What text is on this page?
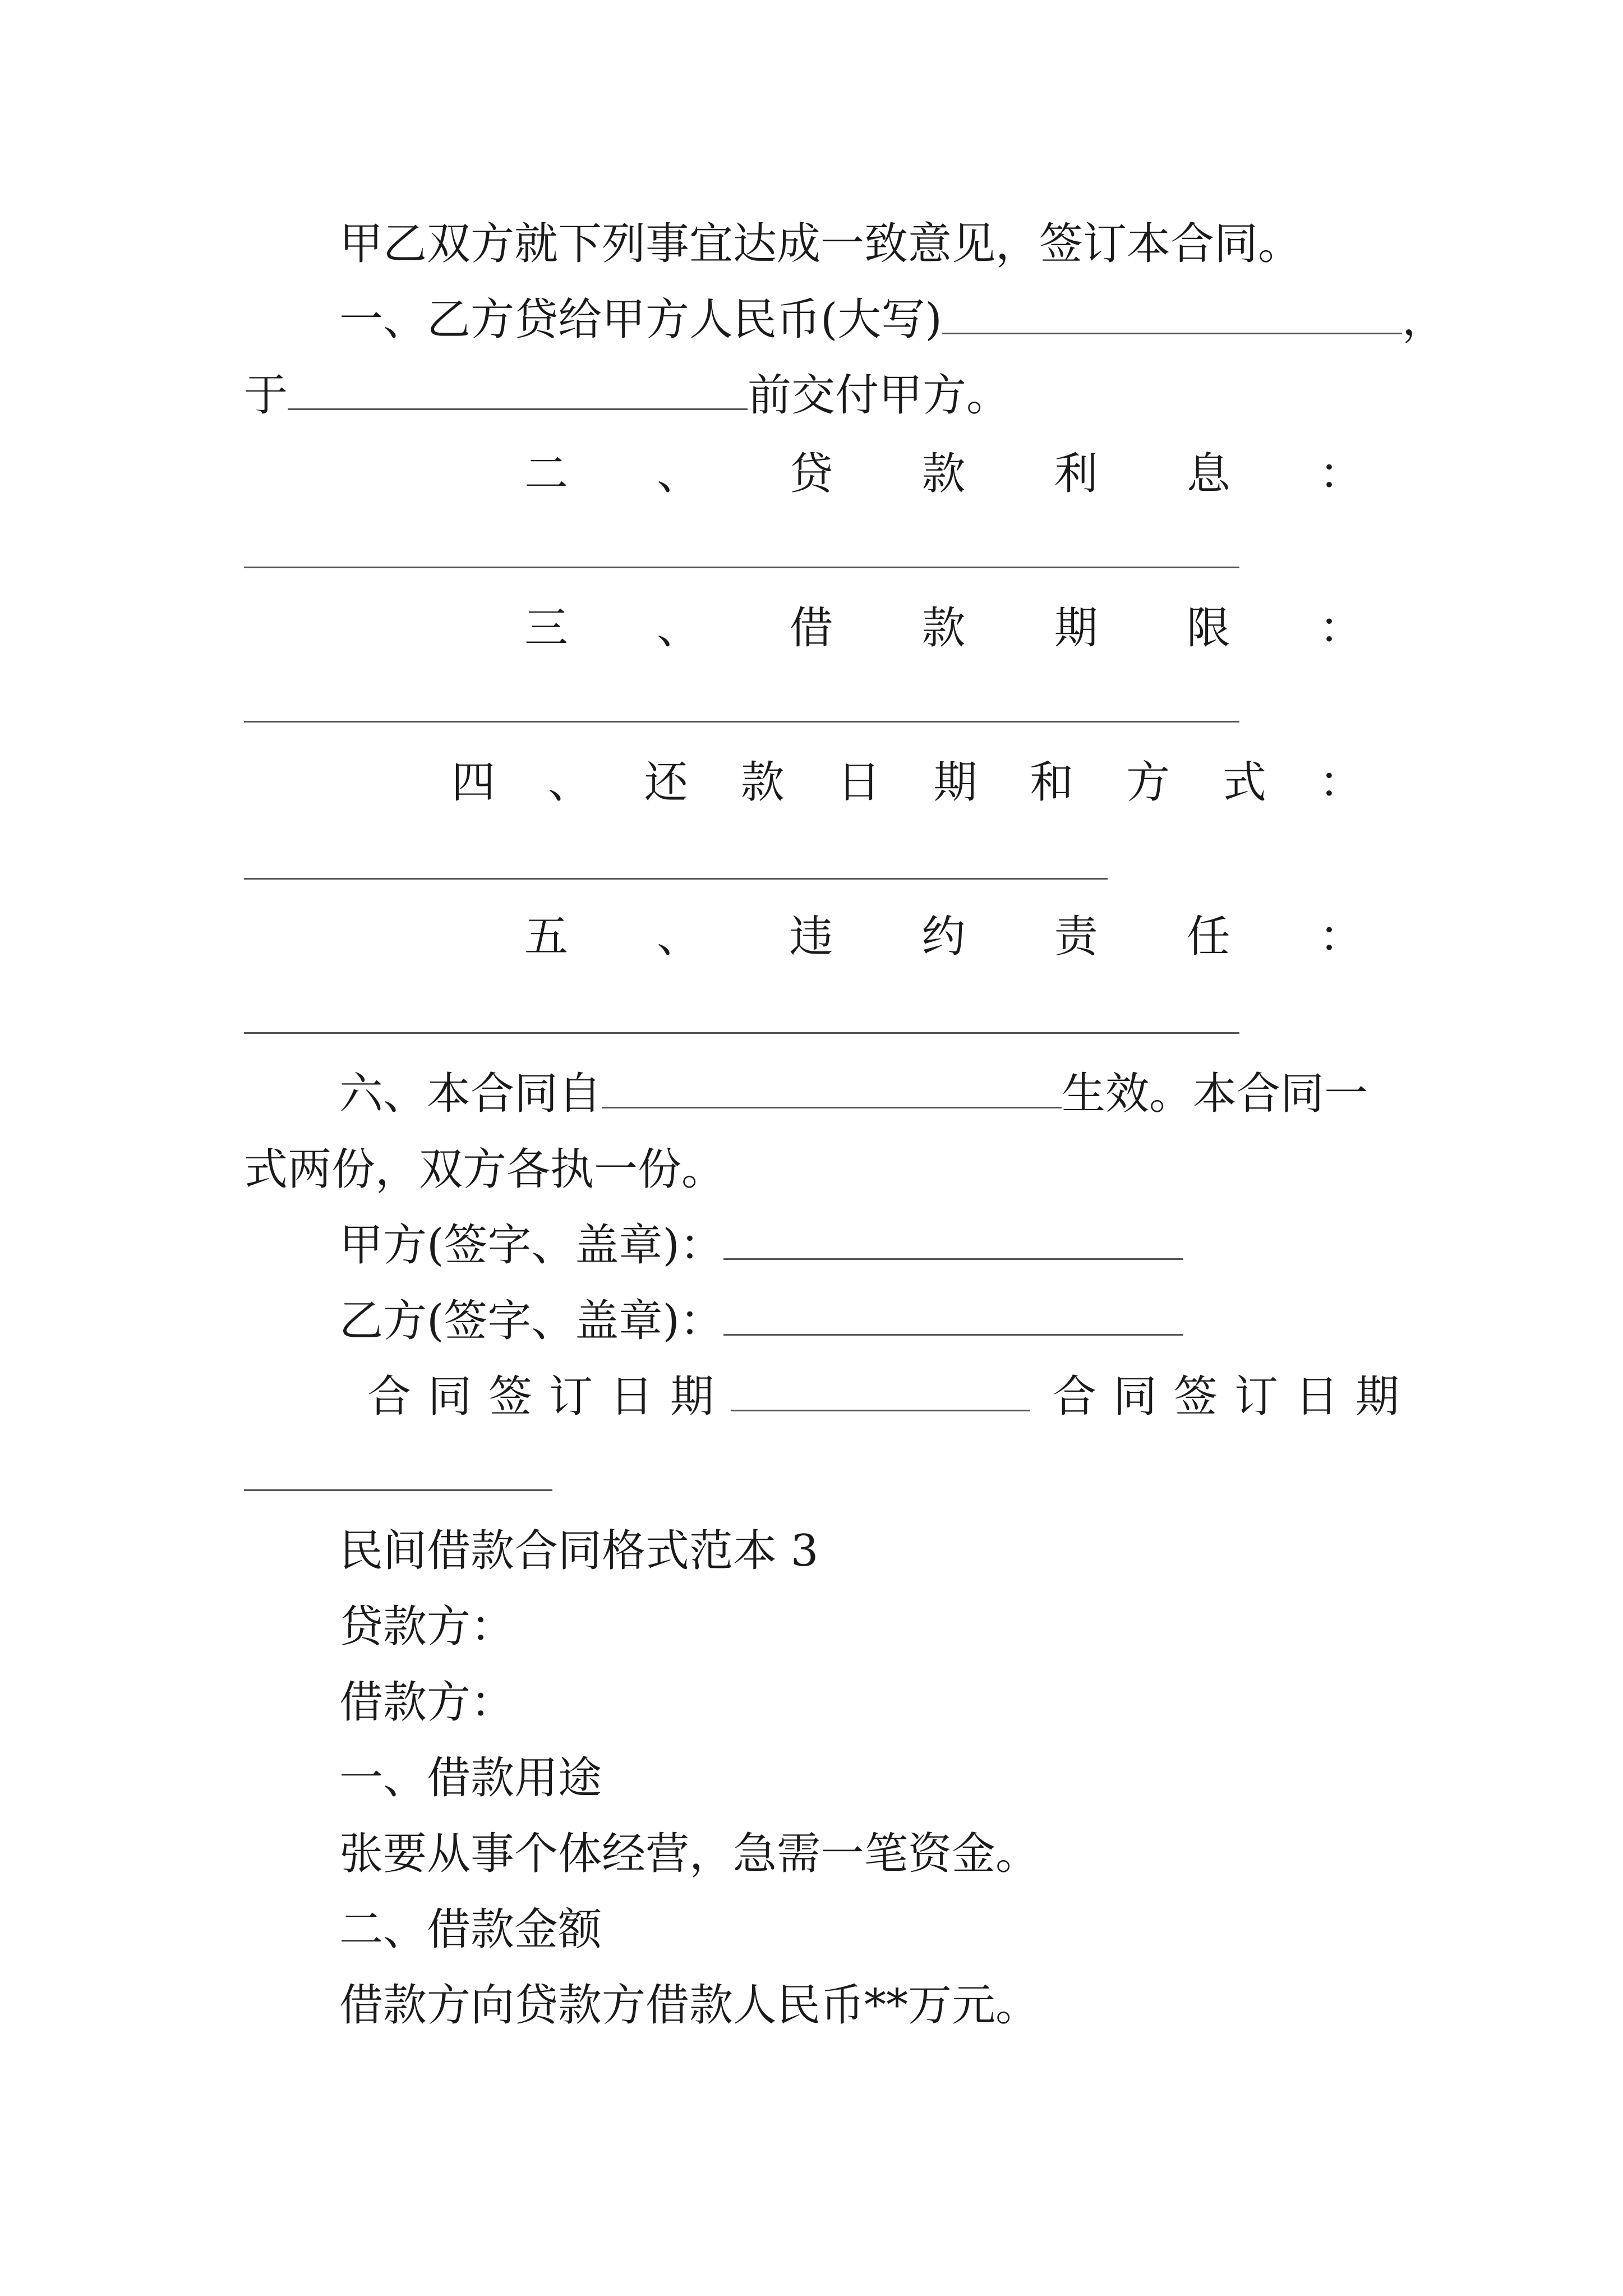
甲乙双方就下列事宜达成一致意见，签订本合同。

一、乙方贷给甲方人民币(大写)	，

于	前交付甲方。

二 、 贷 款 利 息 ：
三 、 借 款 期 限 ：
四 、 还 款 日 期 和 方 式 ：
五 、 违 约 责 任 ：

六、本合同自	生效。本合同一

式两份，双方各执一份。

甲方(签字、盖章)：

乙方(签字、盖章)：

合同签订日期	合同签订日期

民间借款合同格式范本 3

贷款方：

借款方：

一、借款用途

张要从事个体经营，急需一笔资金。

二、借款金额

借款方向贷款方借款人民币**万元。
